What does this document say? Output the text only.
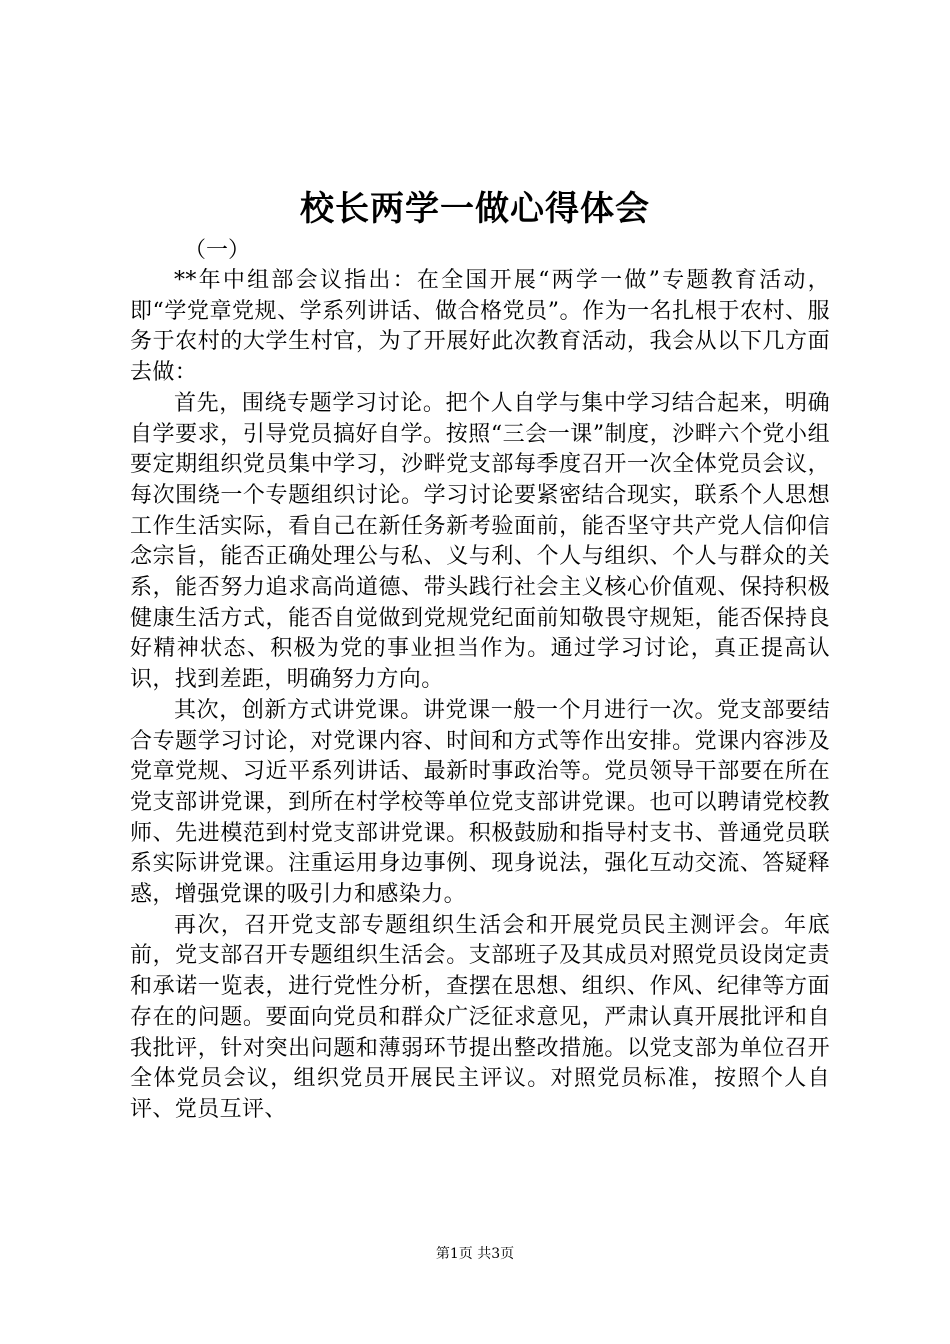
校长两学一做心得体会
（一）

**年中组部会议指出：在全国开展“两学一做”专题教育活动，即“学党章党规、学系列讲话、做合格党员”。作为一名扎根于农村、服务于农村的大学生村官，为了开展好此次教育活动，我会从以下几方面去做：

首先，围绕专题学习讨论。把个人自学与集中学习结合起来，明确自学要求，引导党员搞好自学。按照“三会一课”制度，沙畔六个党小组要定期组织党员集中学习，沙畔党支部每季度召开一次全体党员会议，每次围绕一个专题组织讨论。学习讨论要紧密结合现实，联系个人思想工作生活实际，看自己在新任务新考验面前，能否坚守共产党人信仰信念宗旨，能否正确处理公与私、义与利、个人与组织、个人与群众的关系，能否努力追求高尚道德、带头践行社会主义核心价值观、保持积极健康生活方式，能否自觉做到党规党纪面前知敬畏守规矩，能否保持良好精神状态、积极为党的事业担当作为。通过学习讨论，真正提高认识，找到差距，明确努力方向。

其次，创新方式讲党课。讲党课一般一个月进行一次。党支部要结合专题学习讨论，对党课内容、时间和方式等作出安排。党课内容涉及党章党规、习近平系列讲话、最新时事政治等。党员领导干部要在所在党支部讲党课，到所在村学校等单位党支部讲党课。也可以聘请党校教师、先进模范到村党支部讲党课。积极鼓励和指导村支书、普通党员联系实际讲党课。注重运用身边事例、现身说法，强化互动交流、答疑释惑，增强党课的吸引力和感染力。

再次，召开党支部专题组织生活会和开展党员民主测评会。年底前，党支部召开专题组织生活会。支部班子及其成员对照党员设岗定责和承诺一览表，进行党性分析，查摆在思想、组织、作风、纪律等方面存在的问题。要面向党员和群众广泛征求意见，严肃认真开展批评和自我批评，针对突出问题和薄弱环节提出整改措施。以党支部为单位召开全体党员会议，组织党员开展民主评议。对照党员标准，按照个人自评、党员互评、

第1页 共3页
